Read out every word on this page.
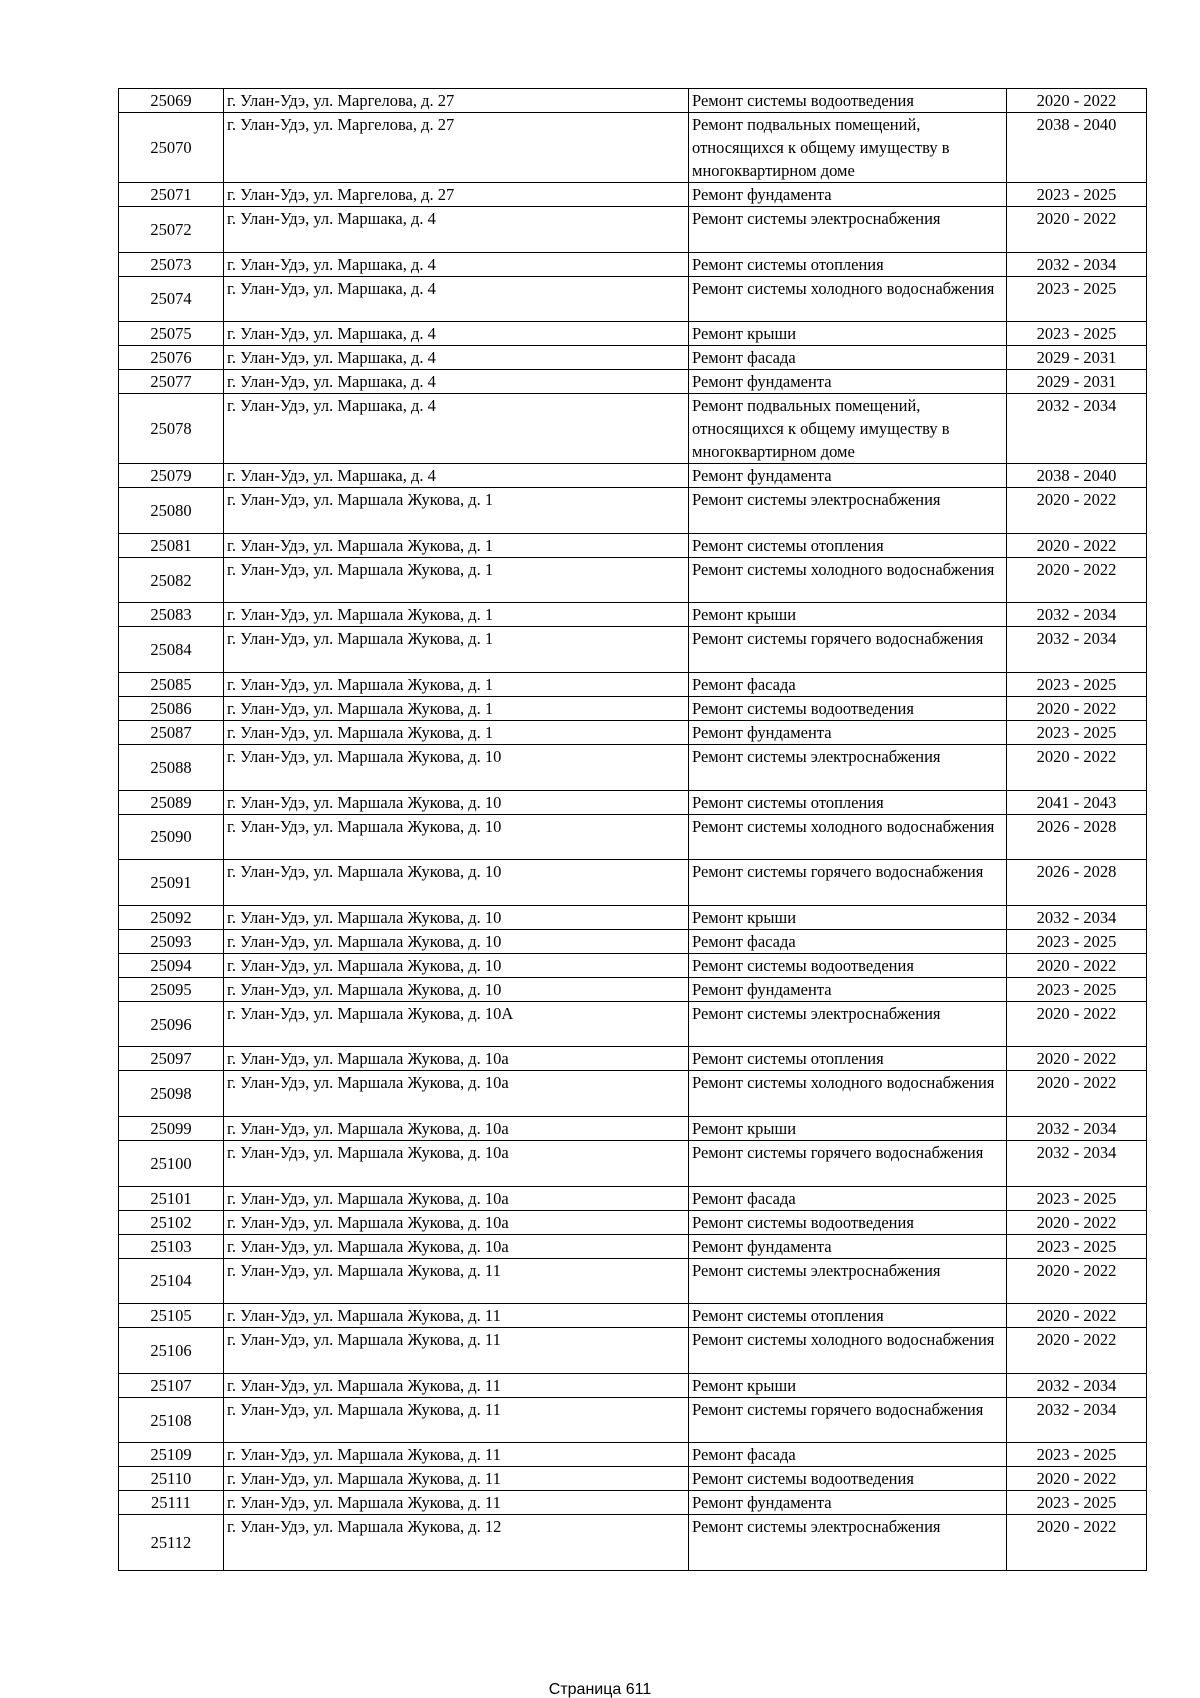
25069	г. Улан-Удэ, ул. Маргелова, д. 27	Ремонт системы водоотведения	2020 - 2022
25070	г. Улан-Удэ, ул. Маргелова, д. 27	Ремонт подвальных помещений, относящихся к общему имуществу в многоквартирном доме	2038 - 2040
25071	г. Улан-Удэ, ул. Маргелова, д. 27	Ремонт фундамента	2023 - 2025
25072	г. Улан-Удэ, ул. Маршака, д. 4	Ремонт системы электроснабжения	2020 - 2022
25073	г. Улан-Удэ, ул. Маршака, д. 4	Ремонт системы отопления	2032 - 2034
25074	г. Улан-Удэ, ул. Маршака, д. 4	Ремонт системы холодного водоснабжения	2023 - 2025
25075	г. Улан-Удэ, ул. Маршака, д. 4	Ремонт крыши	2023 - 2025
25076	г. Улан-Удэ, ул. Маршака, д. 4	Ремонт фасада	2029 - 2031
25077	г. Улан-Удэ, ул. Маршака, д. 4	Ремонт фундамента	2029 - 2031
25078	г. Улан-Удэ, ул. Маршака, д. 4	Ремонт подвальных помещений, относящихся к общему имуществу в многоквартирном доме	2032 - 2034
25079	г. Улан-Удэ, ул. Маршака, д. 4	Ремонт фундамента	2038 - 2040
25080	г. Улан-Удэ, ул. Маршала Жукова, д. 1	Ремонт системы электроснабжения	2020 - 2022
25081	г. Улан-Удэ, ул. Маршала Жукова, д. 1	Ремонт системы отопления	2020 - 2022
25082	г. Улан-Удэ, ул. Маршала Жукова, д. 1	Ремонт системы холодного водоснабжения	2020 - 2022
25083	г. Улан-Удэ, ул. Маршала Жукова, д. 1	Ремонт крыши	2032 - 2034
25084	г. Улан-Удэ, ул. Маршала Жукова, д. 1	Ремонт системы горячего водоснабжения	2032 - 2034
25085	г. Улан-Удэ, ул. Маршала Жукова, д. 1	Ремонт фасада	2023 - 2025
25086	г. Улан-Удэ, ул. Маршала Жукова, д. 1	Ремонт системы водоотведения	2020 - 2022
25087	г. Улан-Удэ, ул. Маршала Жукова, д. 1	Ремонт фундамента	2023 - 2025
25088	г. Улан-Удэ, ул. Маршала Жукова, д. 10	Ремонт системы электроснабжения	2020 - 2022
25089	г. Улан-Удэ, ул. Маршала Жукова, д. 10	Ремонт системы отопления	2041 - 2043
25090	г. Улан-Удэ, ул. Маршала Жукова, д. 10	Ремонт системы холодного водоснабжения	2026 - 2028
25091	г. Улан-Удэ, ул. Маршала Жукова, д. 10	Ремонт системы горячего водоснабжения	2026 - 2028
25092	г. Улан-Удэ, ул. Маршала Жукова, д. 10	Ремонт крыши	2032 - 2034
25093	г. Улан-Удэ, ул. Маршала Жукова, д. 10	Ремонт фасада	2023 - 2025
25094	г. Улан-Удэ, ул. Маршала Жукова, д. 10	Ремонт системы водоотведения	2020 - 2022
25095	г. Улан-Удэ, ул. Маршала Жукова, д. 10	Ремонт фундамента	2023 - 2025
25096	г. Улан-Удэ, ул. Маршала Жукова, д. 10А	Ремонт системы электроснабжения	2020 - 2022
25097	г. Улан-Удэ, ул. Маршала Жукова, д. 10а	Ремонт системы отопления	2020 - 2022
25098	г. Улан-Удэ, ул. Маршала Жукова, д. 10а	Ремонт системы холодного водоснабжения	2020 - 2022
25099	г. Улан-Удэ, ул. Маршала Жукова, д. 10а	Ремонт крыши	2032 - 2034
25100	г. Улан-Удэ, ул. Маршала Жукова, д. 10а	Ремонт системы горячего водоснабжения	2032 - 2034
25101	г. Улан-Удэ, ул. Маршала Жукова, д. 10а	Ремонт фасада	2023 - 2025
25102	г. Улан-Удэ, ул. Маршала Жукова, д. 10а	Ремонт системы водоотведения	2020 - 2022
25103	г. Улан-Удэ, ул. Маршала Жукова, д. 10а	Ремонт фундамента	2023 - 2025
25104	г. Улан-Удэ, ул. Маршала Жукова, д. 11	Ремонт системы электроснабжения	2020 - 2022
25105	г. Улан-Удэ, ул. Маршала Жукова, д. 11	Ремонт системы отопления	2020 - 2022
25106	г. Улан-Удэ, ул. Маршала Жукова, д. 11	Ремонт системы холодного водоснабжения	2020 - 2022
25107	г. Улан-Удэ, ул. Маршала Жукова, д. 11	Ремонт крыши	2032 - 2034
25108	г. Улан-Удэ, ул. Маршала Жукова, д. 11	Ремонт системы горячего водоснабжения	2032 - 2034
25109	г. Улан-Удэ, ул. Маршала Жукова, д. 11	Ремонт фасада	2023 - 2025
25110	г. Улан-Удэ, ул. Маршала Жукова, д. 11	Ремонт системы водоотведения	2020 - 2022
25111	г. Улан-Удэ, ул. Маршала Жукова, д. 11	Ремонт фундамента	2023 - 2025
25112	г. Улан-Удэ, ул. Маршала Жукова, д. 12	Ремонт системы электроснабжения	2020 - 2022
Страница 611
